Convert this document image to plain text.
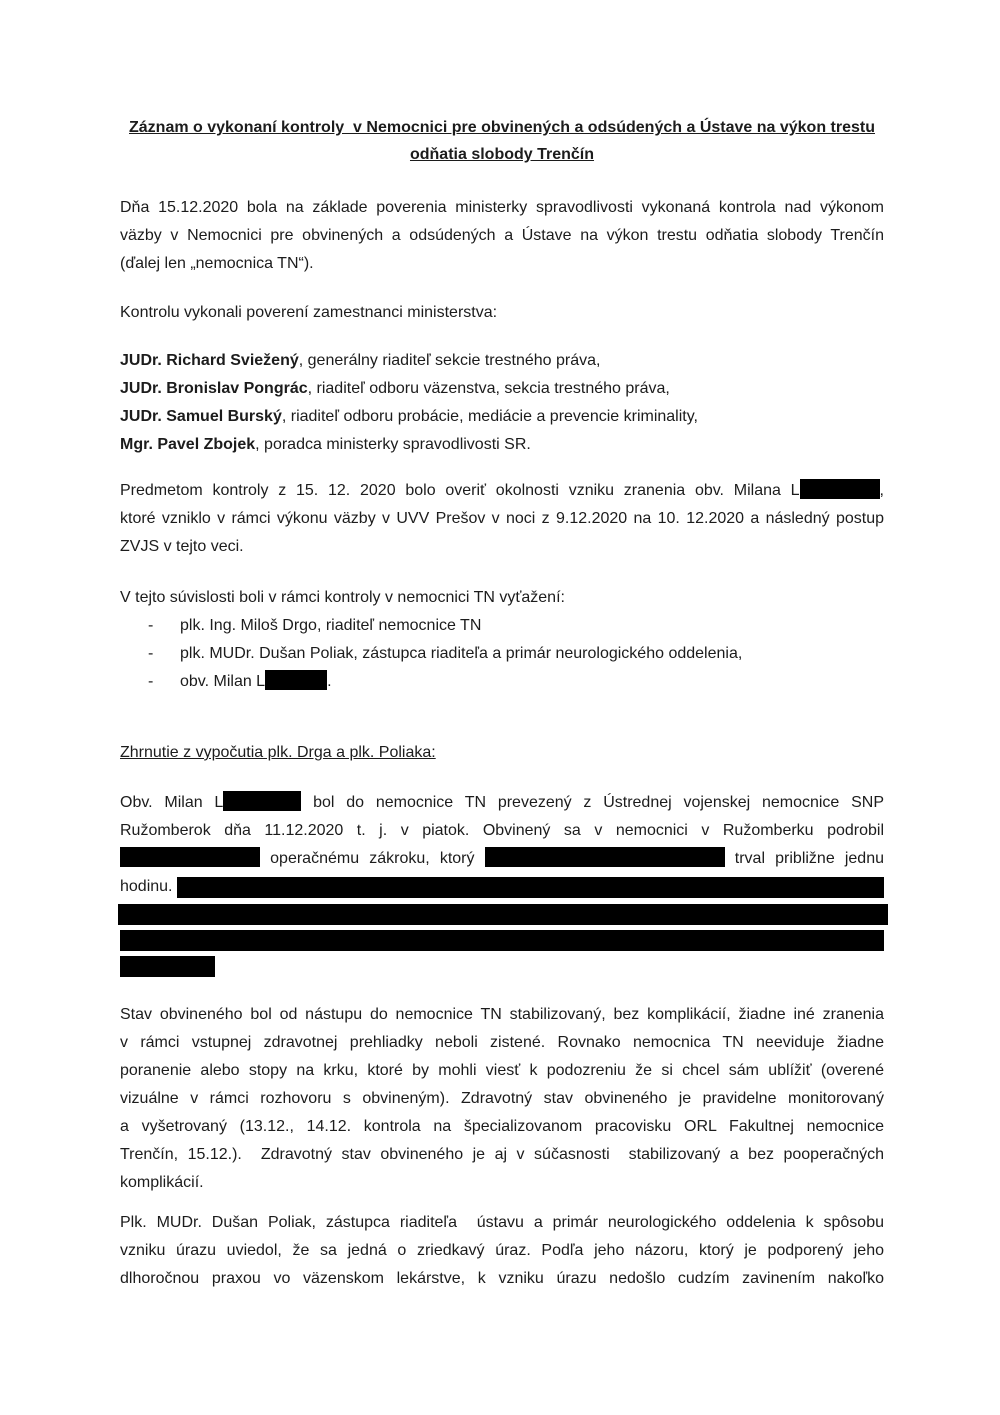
Záznam o vykonaní kontroly  v Nemocnici pre obvinených a odsúdených a Ústave na výkon trestu
odňatia slobody Trenčín
Dňa 15.12.2020 bola na základe poverenia ministerky spravodlivosti vykonaná kontrola nad výkonom
väzby v Nemocnici pre obvinených a odsúdených a Ústave na výkon trestu odňatia slobody Trenčín
(ďalej len „nemocnica TN“).
Kontrolu vykonali poverení zamestnanci ministerstva:
JUDr. Richard Sviežený, generálny riaditeľ sekcie trestného práva,
JUDr. Bronislav Pongrác, riaditeľ odboru väzenstva, sekcia trestného práva,
JUDr. Samuel Burský, riaditeľ odboru probácie, mediácie a prevencie kriminality,
Mgr. Pavel Zbojek, poradca ministerky spravodlivosti SR.
Predmetom kontroly z 15. 12. 2020 bolo overiť okolnosti vzniku zranenia obv. Milana L	,
ktoré vzniklo v rámci výkonu väzby v UVV Prešov v noci z 9.12.2020 na 10. 12.2020 a následný postup
ZVJS v tejto veci.
V tejto súvislosti boli v rámci kontroly v nemocnici TN vyťažení:
- plk. Ing. Miloš Drgo, riaditeľ nemocnice TN
- plk. MUDr. Dušan Poliak, zástupca riaditeľa a primár neurologického oddelenia,
- obv. Milan L	.
Zhrnutie z vypočutia plk. Drga a plk. Poliaka:
Obv. Milan L	bol do nemocnice TN prevezený z Ústrednej vojenskej nemocnice SNP
Ružomberok dňa 11.12.2020 t. j. v piatok. Obvinený sa v nemocnici v Ružomberku podrobil
operačnému zákroku, ktorý	trval približne jednu
hodinu.
Stav obvineného bol od nástupu do nemocnice TN stabilizovaný, bez komplikácií, žiadne iné zranenia
v rámci vstupnej zdravotnej prehliadky neboli zistené. Rovnako nemocnica TN neeviduje žiadne
poranenie alebo stopy na krku, ktoré by mohli viesť k podozreniu že si chcel sám ublížiť (overené
vizuálne v rámci rozhovoru s obvineným). Zdravotný stav obvineného je pravidelne monitorovaný
a vyšetrovaný (13.12., 14.12. kontrola na špecializovanom pracovisku ORL Fakultnej nemocnice
Trenčín, 15.12.).  Zdravotný stav obvineného je aj v súčasnosti  stabilizovaný a bez pooperačných
komplikácií.
Plk. MUDr. Dušan Poliak, zástupca riaditeľa  ústavu a primár neurologického oddelenia k spôsobu
vzniku úrazu uviedol, že sa jedná o zriedkavý úraz. Podľa jeho názoru, ktorý je podporený jeho
dlhoročnou praxou vo väzenskom lekárstve, k vzniku úrazu nedošlo cudzím zavinením nakoľko
